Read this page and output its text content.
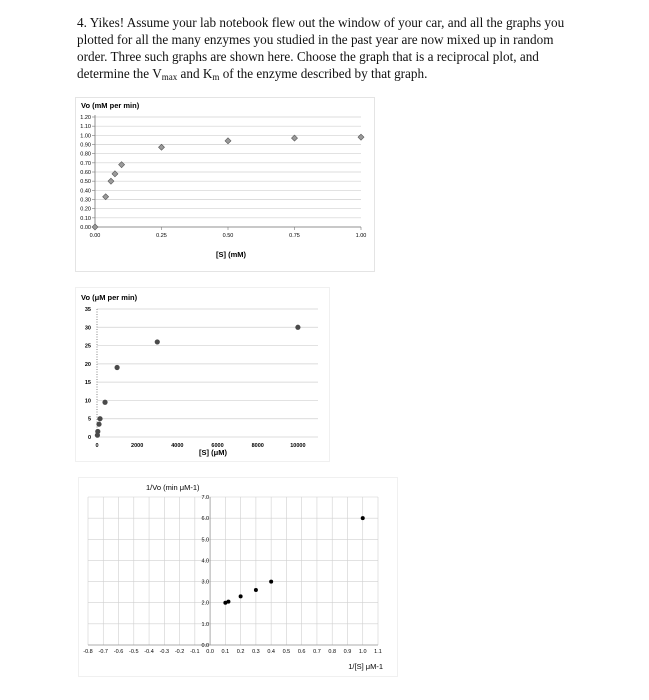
4. Yikes! Assume your lab notebook flew out the window of your car, and all the graphs you plotted for all the many enzymes you studied in the past year are now mixed up in random order. Three such graphs are shown here. Choose the graph that is a reciprocal plot, and determine the $V_{max}$ and $K_m$ of the enzyme described by that graph.
0.00
0.10
0.20
0.30
0.40
0.50
0.60
0.70
0.80
0.90
1.00
1.10
1.20
0.00	0.25	0.50	0.75	1.00
Vo (mM per min)
[S] (mM)
0
5
10
15
20
25
30
35
0	2000	4000	6000	8000	10000
Vo (μM per min)
[S] (μM)
-0.8 -0.7 -0.6 -0.5 -0.4 -0.3 -0.2 -0.1 0.0 0.1 0.2 0.3 0.4 0.5 0.6 0.7 0.8 0.9 1.0 1.1
0.0
1.0
2.0
3.0
4.0
5.0
6.0
7.0
1/Vo (min μM-1)
1/[S] μM-1
